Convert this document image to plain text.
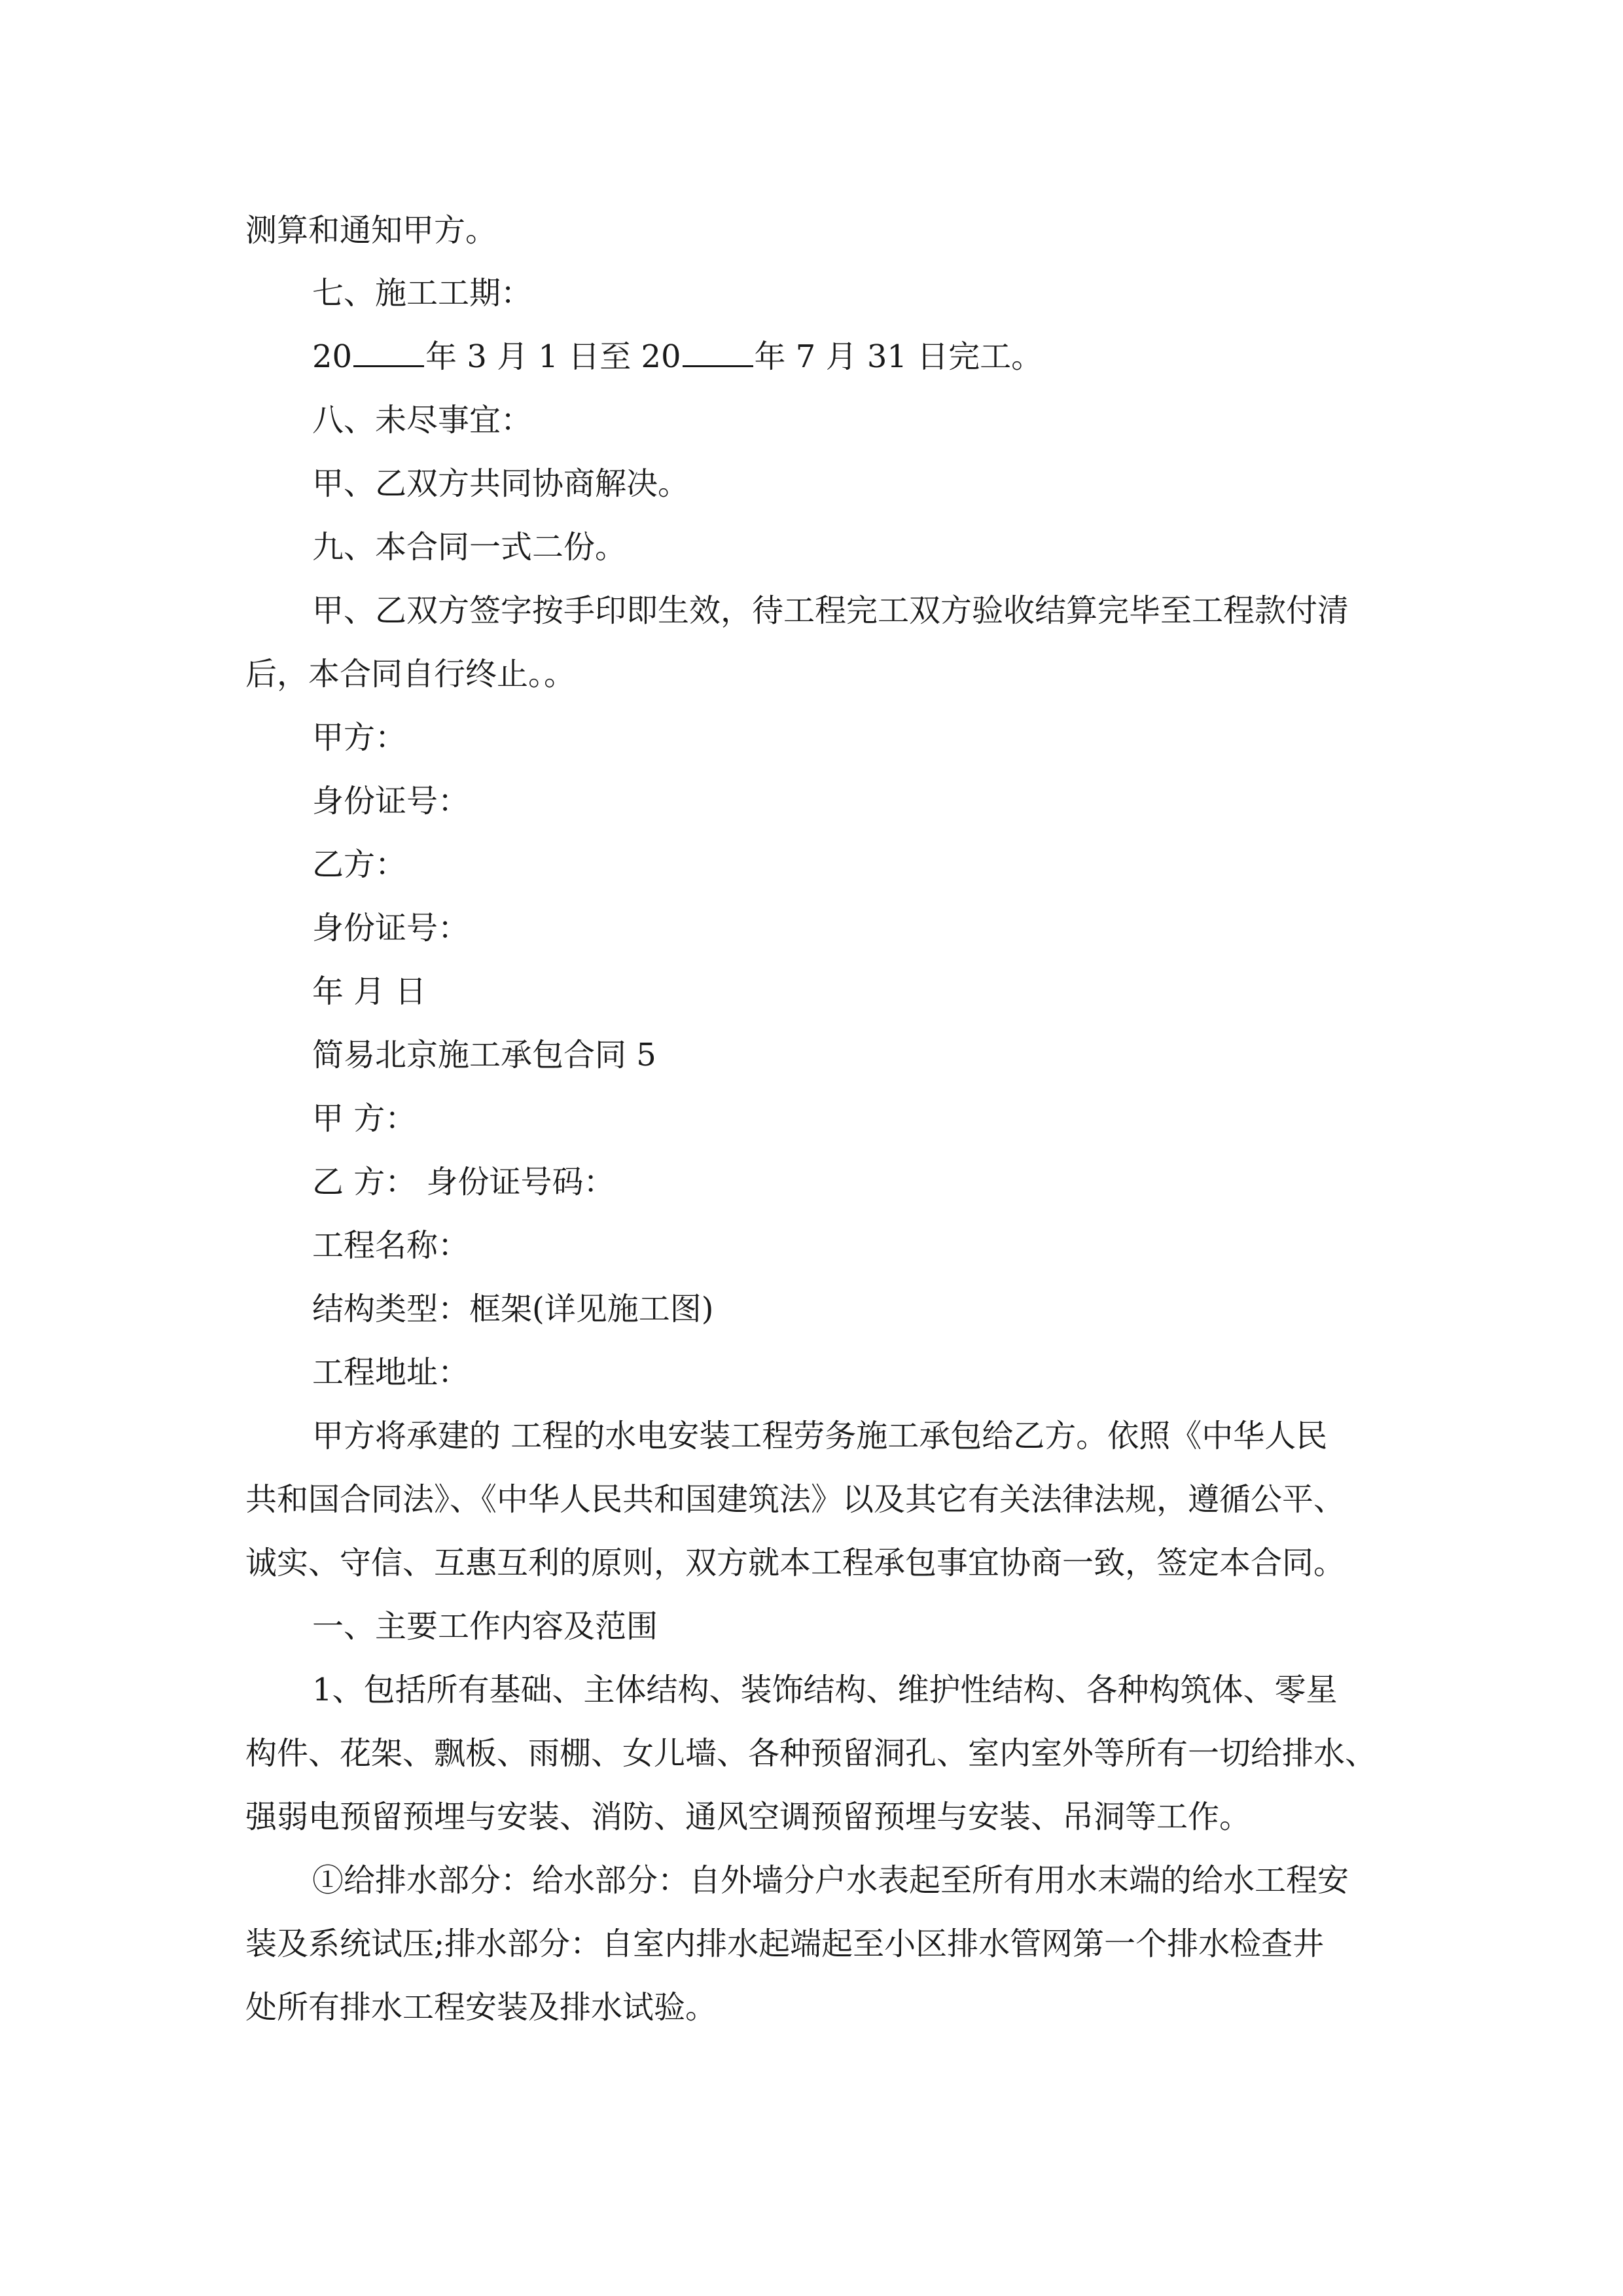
测算和通知甲方。
七、施工工期：
20 年 3 月 1 日至 20 年 7 月 31 日完工。
八、未尽事宜：
甲、乙双方共同协商解决。
九、本合同一式二份。
甲、乙双方签字按手印即生效，待工程完工双方验收结算完毕至工程款付清
后，本合同自行终止。。
甲方：
身份证号：
乙方：
身份证号：
年 月 日
简易北京施工承包合同 5
甲 方：
乙 方： 身份证号码：
工程名称：
结构类型：框架(详见施工图)
工程地址：
甲方将承建的 工程的水电安装工程劳务施工承包给乙方。依照《中华人民
共和国合同法》、《中华人民共和国建筑法》以及其它有关法律法规，遵循公平、
诚实、守信、互惠互利的原则，双方就本工程承包事宜协商一致，签定本合同。
一、主要工作内容及范围
1、包括所有基础、主体结构、装饰结构、维护性结构、各种构筑体、零星
构件、花架、飘板、雨棚、女儿墙、各种预留洞孔、室内室外等所有一切给排水、
强弱电预留预埋与安装、消防、通风空调预留预埋与安装、吊洞等工作。
①给排水部分：给水部分：自外墙分户水表起至所有用水末端的给水工程安
装及系统试压;排水部分：自室内排水起端起至小区排水管网第一个排水检查井
处所有排水工程安装及排水试验。
